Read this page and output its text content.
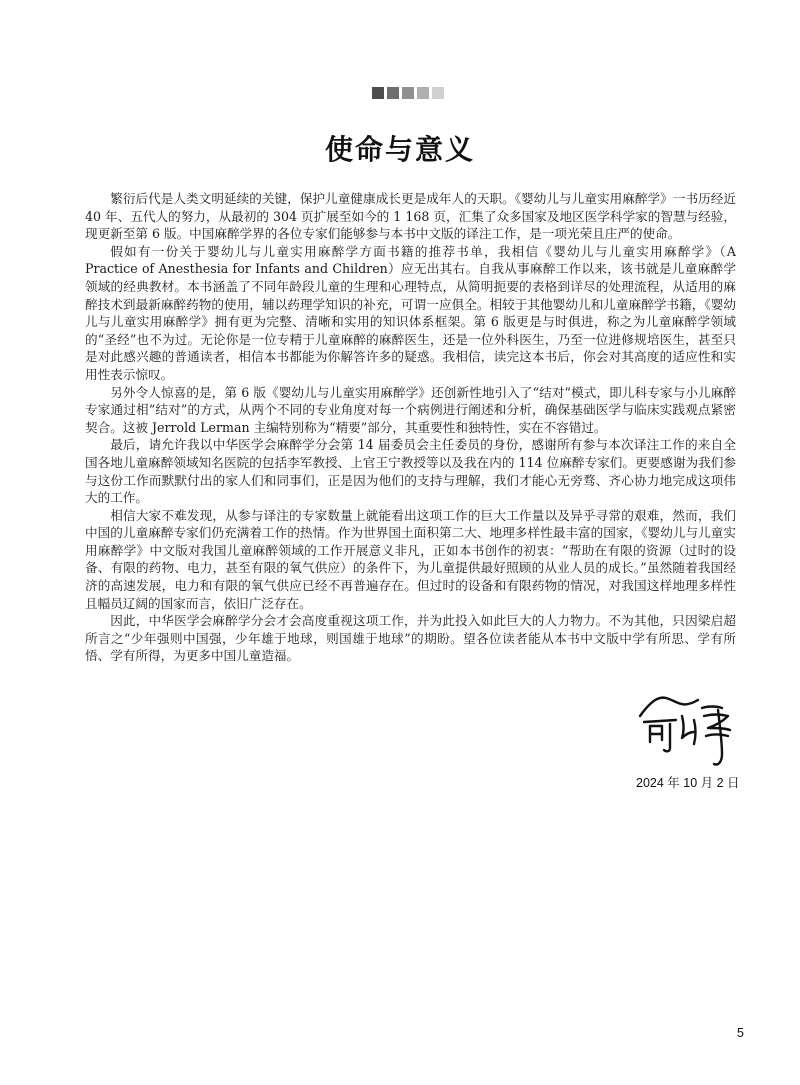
使命与意义

繁衍后代是人类文明延续的关键，保护儿童健康成长更是成年人的天职。《婴幼儿与儿童实用麻醉学》一书历经近 40 年、五代人的努力，从最初的 304 页扩展至如今的 1 168 页，汇集了众多国家及地区医学科学家的智慧与经验，现更新至第 6 版。中国麻醉学界的各位专家们能够参与本书中文版的译注工作，是一项光荣且庄严的使命。

假如有一份关于婴幼儿与儿童实用麻醉学方面书籍的推荐书单，我相信《婴幼儿与儿童实用麻醉学》（A Practice of Anesthesia for Infants and Children）应无出其右。自我从事麻醉工作以来，该书就是儿童麻醉学领域的经典教材。本书涵盖了不同年龄段儿童的生理和心理特点，从简明扼要的表格到详尽的处理流程，从适用的麻醉技术到最新麻醉药物的使用，辅以药理学知识的补充，可谓一应俱全。相较于其他婴幼儿和儿童麻醉学书籍，《婴幼儿与儿童实用麻醉学》拥有更为完整、清晰和实用的知识体系框架。第 6 版更是与时俱进，称之为儿童麻醉学领域的“圣经”也不为过。无论你是一位专精于儿童麻醉的麻醉医生，还是一位外科医生，乃至一位进修规培医生，甚至只是对此感兴趣的普通读者，相信本书都能为你解答许多的疑惑。我相信，读完这本书后，你会对其高度的适应性和实用性表示惊叹。

另外令人惊喜的是，第 6 版《婴幼儿与儿童实用麻醉学》还创新性地引入了“结对”模式，即儿科专家与小儿麻醉专家通过相“结对”的方式，从两个不同的专业角度对每一个病例进行阐述和分析，确保基础医学与临床实践观点紧密契合。这被 Jerrold Lerman 主编特别称为“精要”部分，其重要性和独特性，实在不容错过。

最后，请允许我以中华医学会麻醉学分会第 14 届委员会主任委员的身份，感谢所有参与本次译注工作的来自全国各地儿童麻醉领域知名医院的包括李军教授、上官王宁教授等以及我在内的 114 位麻醉专家们。更要感谢为我们参与这份工作而默默付出的家人们和同事们，正是因为他们的支持与理解，我们才能心无旁骛、齐心协力地完成这项伟大的工作。

相信大家不难发现，从参与译注的专家数量上就能看出这项工作的巨大工作量以及异乎寻常的艰难，然而，我们中国的儿童麻醉专家们仍充满着工作的热情。作为世界国土面积第二大、地理多样性最丰富的国家，《婴幼儿与儿童实用麻醉学》中文版对我国儿童麻醉领域的工作开展意义非凡，正如本书创作的初衷：“帮助在有限的资源（过时的设备、有限的药物、电力，甚至有限的氧气供应）的条件下，为儿童提供最好照顾的从业人员的成长。”虽然随着我国经济的高速发展，电力和有限的氧气供应已经不再普遍存在。但过时的设备和有限药物的情况，对我国这样地理多样性且幅员辽阔的国家而言，依旧广泛存在。

因此，中华医学会麻醉学分会才会高度重视这项工作，并为此投入如此巨大的人力物力。不为其他，只因梁启超所言之“少年强则中国强，少年雄于地球，则国雄于地球”的期盼。望各位读者能从本书中文版中学有所思、学有所悟、学有所得，为更多中国儿童造福。

2024 年 10 月 2 日
5
